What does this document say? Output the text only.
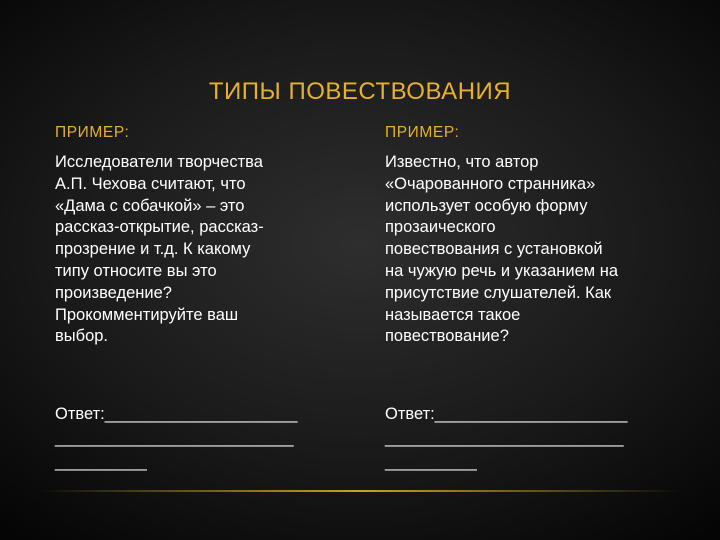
ТИПЫ ПОВЕСТВОВАНИЯ
ПРИМЕР:
Исследователи творчества
А.П. Чехова считают, что
«Дама с собачкой» – это
рассказ-открытие, рассказ-
прозрение и т.д. К какому
типу относите вы это
произведение?
Прокомментируйте ваш
выбор.
Ответ:_____________________
__________________________
__________
ПРИМЕР:
Известно, что автор
«Очарованного странника»
использует особую форму
прозаического
повествования с установкой
на чужую речь и указанием на
присутствие слушателей. Как
называется такое
повествование?
Ответ:_____________________
__________________________
__________
